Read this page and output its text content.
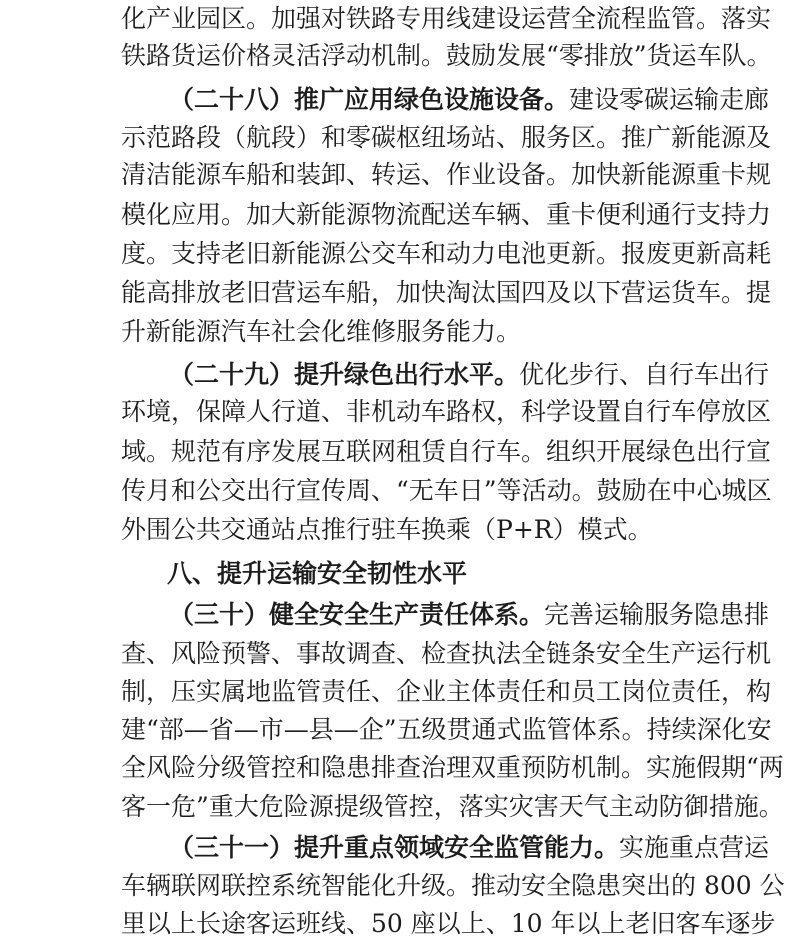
化产业园区。加强对铁路专用线建设运营全流程监管。落实
铁路货运价格灵活浮动机制。鼓励发展“零排放”货运车队。
（二十八）推广应用绿色设施设备。建设零碳运输走廊
示范路段（航段）和零碳枢纽场站、服务区。推广新能源及
清洁能源车船和装卸、转运、作业设备。加快新能源重卡规
模化应用。加大新能源物流配送车辆、重卡便利通行支持力
度。支持老旧新能源公交车和动力电池更新。报废更新高耗
能高排放老旧营运车船，加快淘汰国四及以下营运货车。提
升新能源汽车社会化维修服务能力。
（二十九）提升绿色出行水平。优化步行、自行车出行
环境，保障人行道、非机动车路权，科学设置自行车停放区
域。规范有序发展互联网租赁自行车。组织开展绿色出行宣
传月和公交出行宣传周、“无车日”等活动。鼓励在中心城区
外围公共交通站点推行驻车换乘（P+R）模式。
八、提升运输安全韧性水平
（三十）健全安全生产责任体系。完善运输服务隐患排
查、风险预警、事故调查、检查执法全链条安全生产运行机
制，压实属地监管责任、企业主体责任和员工岗位责任，构
建“部—省—市—县—企”五级贯通式监管体系。持续深化安
全风险分级管控和隐患排查治理双重预防机制。实施假期“两
客一危”重大危险源提级管控，落实灾害天气主动防御措施。
（三十一）提升重点领域安全监管能力。实施重点营运
车辆联网联控系统智能化升级。推动安全隐患突出的 800 公
里以上长途客运班线、50 座以上、10 年以上老旧客车逐步
